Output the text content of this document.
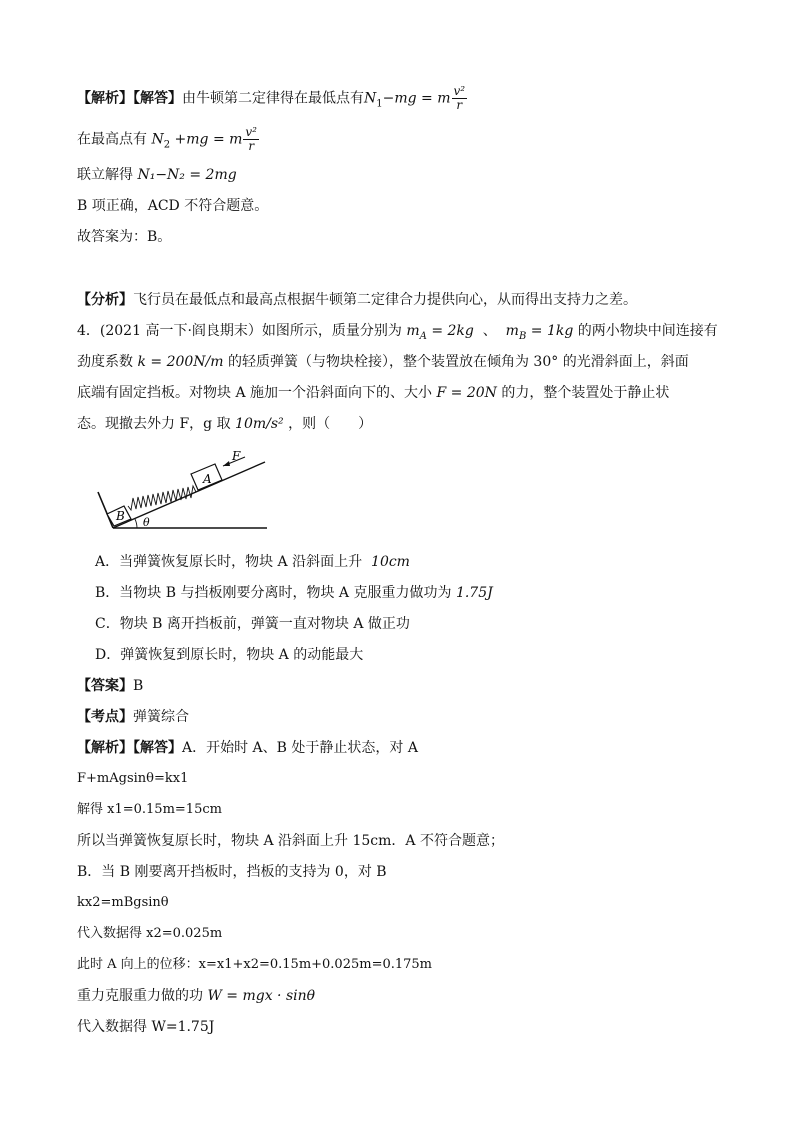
【解析】【解答】由牛顿第二定律得在最低点有$N_1-mg = m \frac{\text{v²}}{r}$
在最高点有 $N_2 +mg = m \frac{\text{v²}}{r}$
联立解得 N₁−N₂ = 2mg
B 项正确，ACD 不符合题意。
故答案为：B。
【分析】飞行员在最低点和最高点根据牛顿第二定律合力提供向心，从而得出支持力之差。
4．(2021 高一下·阎良期末）如图所示，质量分别为 $m_A = 2kg$ 、 $m_B = 1kg$ 的两小物块中间连接有
劲度系数 k = 200N/m 的轻质弹簧（与物块栓接），整个装置放在倾角为 30° 的光滑斜面上，斜面
底端有固定挡板。对物块 A 施加一个沿斜面向下的、大小 F = 20N 的力，整个装置处于静止状
态。现撤去外力 F，g 取 10m/s² ，则（　　）
B
A
F
θ
A．当弹簧恢复原长时，物块 A 沿斜面上升 10cm
B．当物块 B 与挡板刚要分离时，物块 A 克服重力做功为 1.75J
C．物块 B 离开挡板前，弹簧一直对物块 A 做正功
D．弹簧恢复到原长时，物块 A 的动能最大
【答案】B
【考点】弹簧综合
【解析】【解答】A．开始时 A、B 处于静止状态，对 A
F+mAgsinθ=kx1
解得 x1=0.15m=15cm
所以当弹簧恢复原长时，物块 A 沿斜面上升 15cm．A 不符合题意；
B．当 B 刚要离开挡板时，挡板的支持为 0，对 B
kx2=mBgsinθ
代入数据得 x2=0.025m
此时 A 向上的位移：x=x1+x2=0.15m+0.025m=0.175m
重力克服重力做的功 W = mgx · sinθ
代入数据得 W=1.75J
